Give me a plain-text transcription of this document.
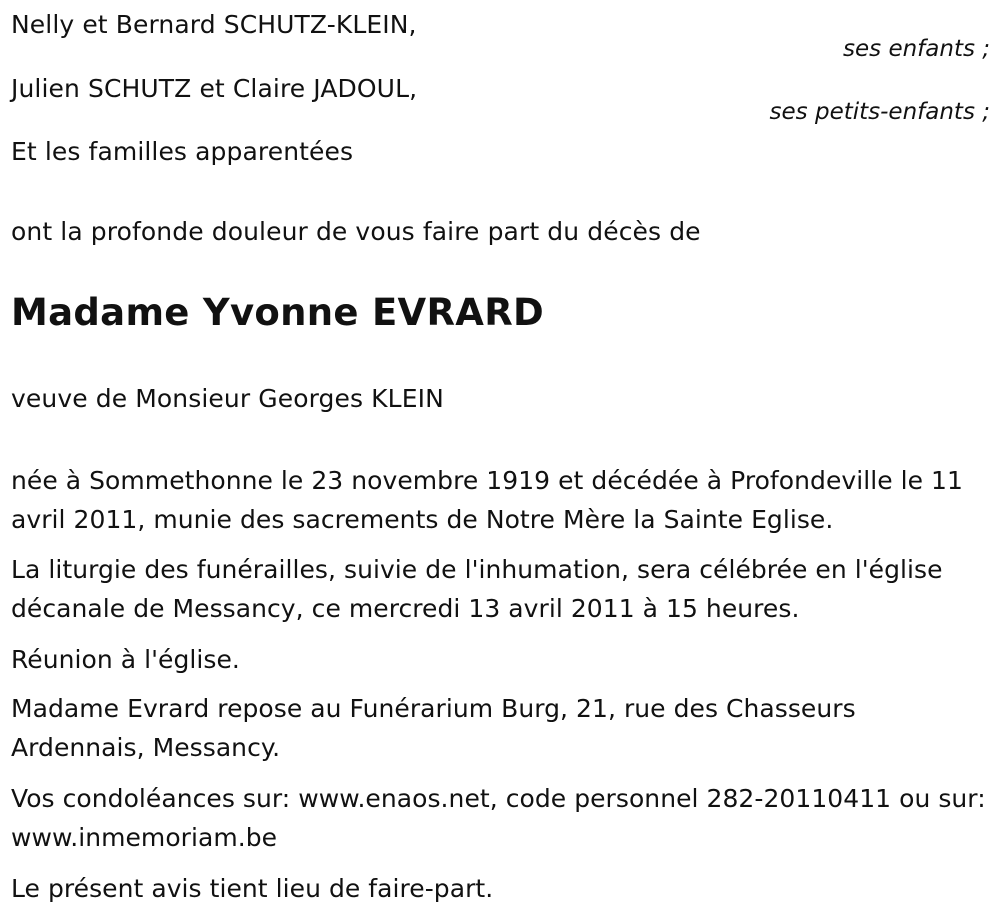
Nelly et Bernard SCHUTZ-KLEIN,
ses enfants ;
Julien SCHUTZ et Claire JADOUL,
ses petits-enfants ;
Et les familles apparentées
ont la profonde douleur de vous faire part du décès de
Madame Yvonne EVRARD
veuve de Monsieur Georges KLEIN
née à Sommethonne le 23 novembre 1919 et décédée à Profondeville le 11 avril 2011, munie des sacrements de Notre Mère la Sainte Eglise.
La liturgie des funérailles, suivie de l'inhumation, sera célébrée en l'église décanale de Messancy, ce mercredi 13 avril 2011 à 15 heures.
Réunion à l'église.
Madame Evrard repose au Funérarium Burg, 21, rue des Chasseurs Ardennais, Messancy.
Vos condoléances sur: www.enaos.net, code personnel 282-20110411 ou sur: www.inmemoriam.be
Le présent avis tient lieu de faire-part.
